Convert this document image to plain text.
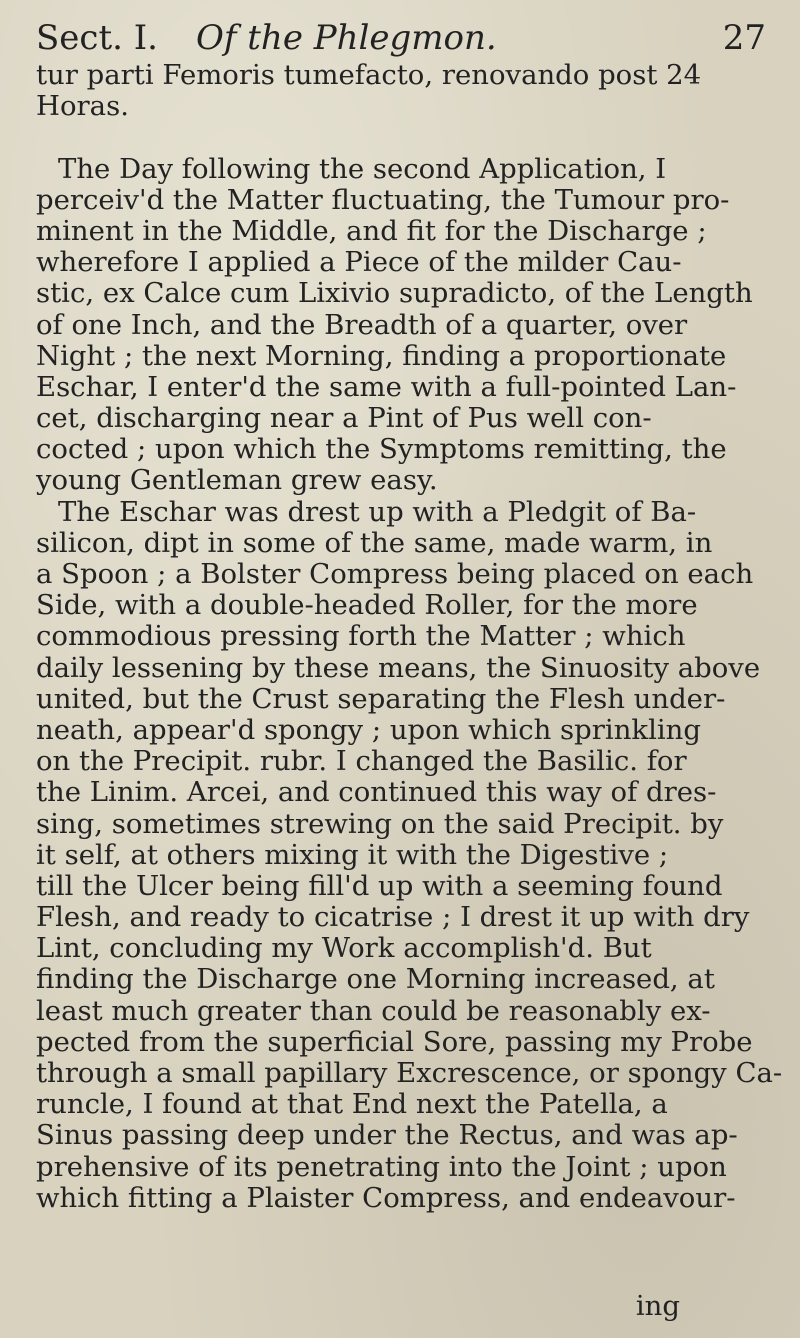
Sect. I. Of the Phlegmon.	27
tur parti Femoris tumefacto, renovando post 24
Horas.
The Day following the second Application, I
perceiv'd the Matter fluctuating, the Tumour pro-
minent in the Middle, and fit for the Discharge ;
wherefore I applied a Piece of the milder Cau-
stic, ex Calce cum Lixivio supradicto, of the Length
of one Inch, and the Breadth of a quarter, over
Night ; the next Morning, finding a proportionate
Eschar, I enter'd the same with a full-pointed Lan-
cet, discharging near a Pint of Pus well con-
cocted ; upon which the Symptoms remitting, the
young Gentleman grew easy.
The Eschar was drest up with a Pledgit of Ba-
silicon, dipt in some of the same, made warm, in
a Spoon ; a Bolster Compress being placed on each
Side, with a double-headed Roller, for the more
commodious pressing forth the Matter ; which
daily lessening by these means, the Sinuosity above
united, but the Crust separating the Flesh under-
neath, appear'd spongy ; upon which sprinkling
on the Precipit. rubr. I changed the Basilic. for
the Linim. Arcei, and continued this way of dres-
sing, sometimes strewing on the said Precipit. by
it self, at others mixing it with the Digestive ;
till the Ulcer being fill'd up with a seeming found
Flesh, and ready to cicatrise ; I drest it up with dry
Lint, concluding my Work accomplish'd. But
finding the Discharge one Morning increased, at
least much greater than could be reasonably ex-
pected from the superficial Sore, passing my Probe
through a small papillary Excrescence, or spongy Ca-
runcle, I found at that End next the Patella, a
Sinus passing deep under the Rectus, and was ap-
prehensive of its penetrating into the Joint ; upon
which fitting a Plaister Compress, and endeavour-
ing
